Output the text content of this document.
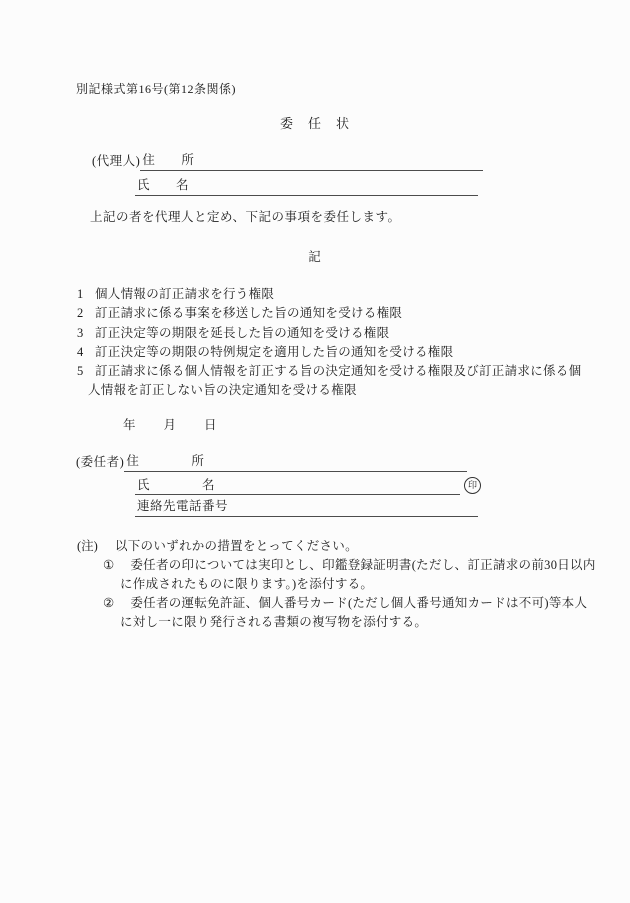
別記様式第16号(第12条関係)
委　任　状
(代理人) 住　　所
氏　　名
上記の者を代理人と定め、下記の事項を委任します。
記
1 個人情報の訂正請求を行う権限
2 訂正請求に係る事案を移送した旨の通知を受ける権限
3 訂正決定等の期限を延長した旨の通知を受ける権限
4 訂正決定等の期限の特例規定を適用した旨の通知を受ける権限
5 訂正請求に係る個人情報を訂正する旨の決定通知を受ける権限及び訂正請求に係る個
人情報を訂正しない旨の決定通知を受ける権限
年　　月　　日
(委任者) 住　　　　所
氏　　　　名	印
連絡先電話番号
(注) 以下のいずれかの措置をとってください。
① 委任者の印については実印とし、印鑑登録証明書(ただし、訂正請求の前30日以内
に作成されたものに限ります。)を添付する。
② 委任者の運転免許証、個人番号カード(ただし個人番号通知カードは不可)等本人
に対し一に限り発行される書類の複写物を添付する。
